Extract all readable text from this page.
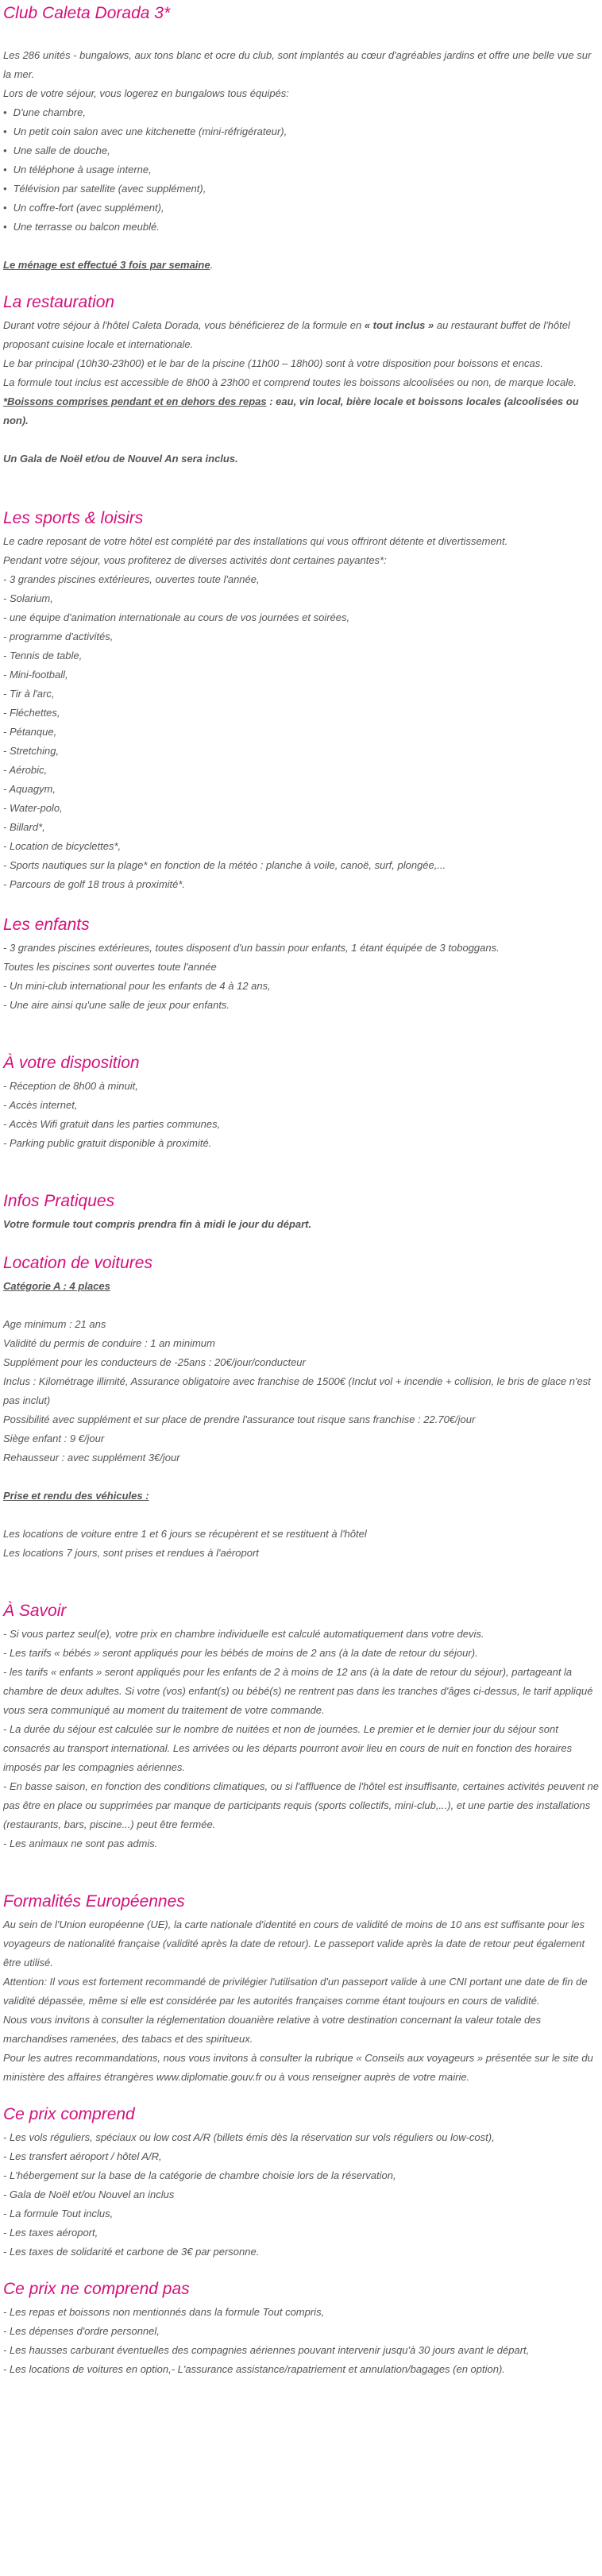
Club Caleta Dorada 3*

Les 286 unités - bungalows, aux tons blanc et ocre du club, sont implantés au cœur d'agréables jardins et offre une belle vue sur la mer.

Lors de votre séjour, vous logerez en bungalows tous équipés:

• D'une chambre,
• Un petit coin salon avec une kitchenette (mini-réfrigérateur),
• Une salle de douche,
• Un téléphone à usage interne,
• Télévision par satellite (avec supplément),
• Un coffre-fort (avec supplément),
• Une terrasse ou balcon meublé.

Le ménage est effectué 3 fois par semaine.

La restauration

Durant votre séjour à l'hôtel Caleta Dorada, vous bénéficierez de la formule en « tout inclus » au restaurant buffet de l'hôtel proposant cuisine locale et internationale.

Le bar principal (10h30-23h00) et le bar de la piscine (11h00 – 18h00) sont à votre disposition pour boissons et encas.

La formule tout inclus est accessible de 8h00 à 23h00 et comprend toutes les boissons alcoolisées ou non, de marque locale.

*Boissons comprises pendant et en dehors des repas : eau, vin local, bière locale et boissons locales (alcoolisées ou non).

Un Gala de Noël et/ou de Nouvel An sera inclus.

Les sports & loisirs

Le cadre reposant de votre hôtel est complété par des installations qui vous offriront détente et divertissement.

Pendant votre séjour, vous profiterez de diverses activités dont certaines payantes*:

- 3 grandes piscines extérieures, ouvertes toute l'année,
- Solarium,
- une équipe d'animation internationale au cours de vos journées et soirées,
- programme d'activités,
- Tennis de table,
- Mini-football,
- Tir à l'arc,
- Fléchettes,
- Pétanque,
- Stretching,
- Aérobic,
- Aquagym,
- Water-polo,
- Billard*,
- Location de bicyclettes*,
- Sports nautiques sur la plage* en fonction de la météo : planche à voile, canoë, surf, plongée,...
- Parcours de golf 18 trous à proximité*.
Les enfants
- 3 grandes piscines extérieures, toutes disposent d'un bassin pour enfants, 1 étant équipée de 3 toboggans.
Toutes les piscines sont ouvertes toute l'année
- Un mini-club international pour les enfants de 4 à 12 ans,
- Une aire ainsi qu'une salle de jeux pour enfants.
À votre disposition
- Réception de 8h00 à minuit,
- Accès internet,
- Accès Wifi gratuit dans les parties communes,
- Parking public gratuit disponible à proximité.
Infos Pratiques

Votre formule tout compris prendra fin à midi le jour du départ.

Location de voitures

Catégorie A : 4 places

Age minimum : 21 ans

Validité du permis de conduire : 1 an minimum

Supplément pour les conducteurs de -25ans : 20€/jour/conducteur

Inclus : Kilométrage illimité, Assurance obligatoire avec franchise de 1500€ (Inclut vol + incendie + collision, le bris de glace n'est pas inclut)

Possibilité avec supplément et sur place de prendre l'assurance tout risque sans franchise : 22.70€/jour

Siège enfant : 9 €/jour

Rehausseur : avec supplément 3€/jour

Prise et rendu des véhicules :

Les locations de voiture entre 1 et 6 jours se récupèrent et se restituent à l'hôtel

Les locations 7 jours, sont prises et rendues à l'aéroport

À Savoir
- Si vous partez seul(e), votre prix en chambre individuelle est calculé automatiquement dans votre devis.
- Les tarifs « bébés » seront appliqués pour les bébés de moins de 2 ans (à la date de retour du séjour).
- les tarifs « enfants » seront appliqués pour les enfants de 2 à moins de 12 ans (à la date de retour du séjour), partageant la chambre de deux adultes. Si votre (vos) enfant(s) ou bébé(s) ne rentrent pas dans les tranches d'âges ci-dessus, le tarif appliqué vous sera communiqué au moment du traitement de votre commande.
- La durée du séjour est calculée sur le nombre de nuitées et non de journées. Le premier et le dernier jour du séjour sont consacrés au transport international. Les arrivées ou les départs pourront avoir lieu en cours de nuit en fonction des horaires imposés par les compagnies aériennes.
- En basse saison, en fonction des conditions climatiques, ou si l'affluence de l'hôtel est insuffisante, certaines activités peuvent ne pas être en place ou supprimées par manque de participants requis (sports collectifs, mini-club,...), et une partie des installations (restaurants, bars, piscine...) peut être fermée.
- Les animaux ne sont pas admis.
Formalités Européennes

Au sein de l'Union européenne (UE), la carte nationale d'identité en cours de validité de moins de 10 ans est suffisante pour les voyageurs de nationalité française (validité après la date de retour). Le passeport valide après la date de retour peut également être utilisé.

Attention: Il vous est fortement recommandé de privilégier l'utilisation d'un passeport valide à une CNI portant une date de fin de validité dépassée, même si elle est considérée par les autorités françaises comme étant toujours en cours de validité.

Nous vous invitons à consulter la réglementation douanière relative à votre destination concernant la valeur totale des marchandises ramenées, des tabacs et des spiritueux.

Pour les autres recommandations, nous vous invitons à consulter la rubrique « Conseils aux voyageurs » présentée sur le site du ministère des affaires étrangères www.diplomatie.gouv.fr ou à vous renseigner auprès de votre mairie.

Ce prix comprend
- Les vols réguliers, spéciaux ou low cost A/R (billets émis dès la réservation sur vols réguliers ou low-cost),
- Les transfert aéroport / hôtel A/R,
- L'hébergement sur la base de la catégorie de chambre choisie lors de la réservation,
- Gala de Noël et/ou Nouvel an inclus
- La formule Tout inclus,
- Les taxes aéroport,
- Les taxes de solidarité et carbone de 3€ par personne.
Ce prix ne comprend pas
- Les repas et boissons non mentionnés dans la formule Tout compris,
- Les dépenses d'ordre personnel,
- Les hausses carburant éventuelles des compagnies aériennes pouvant intervenir jusqu'à 30 jours avant le départ,
- Les locations de voitures en option,- L'assurance assistance/rapatriement et annulation/bagages (en option).
